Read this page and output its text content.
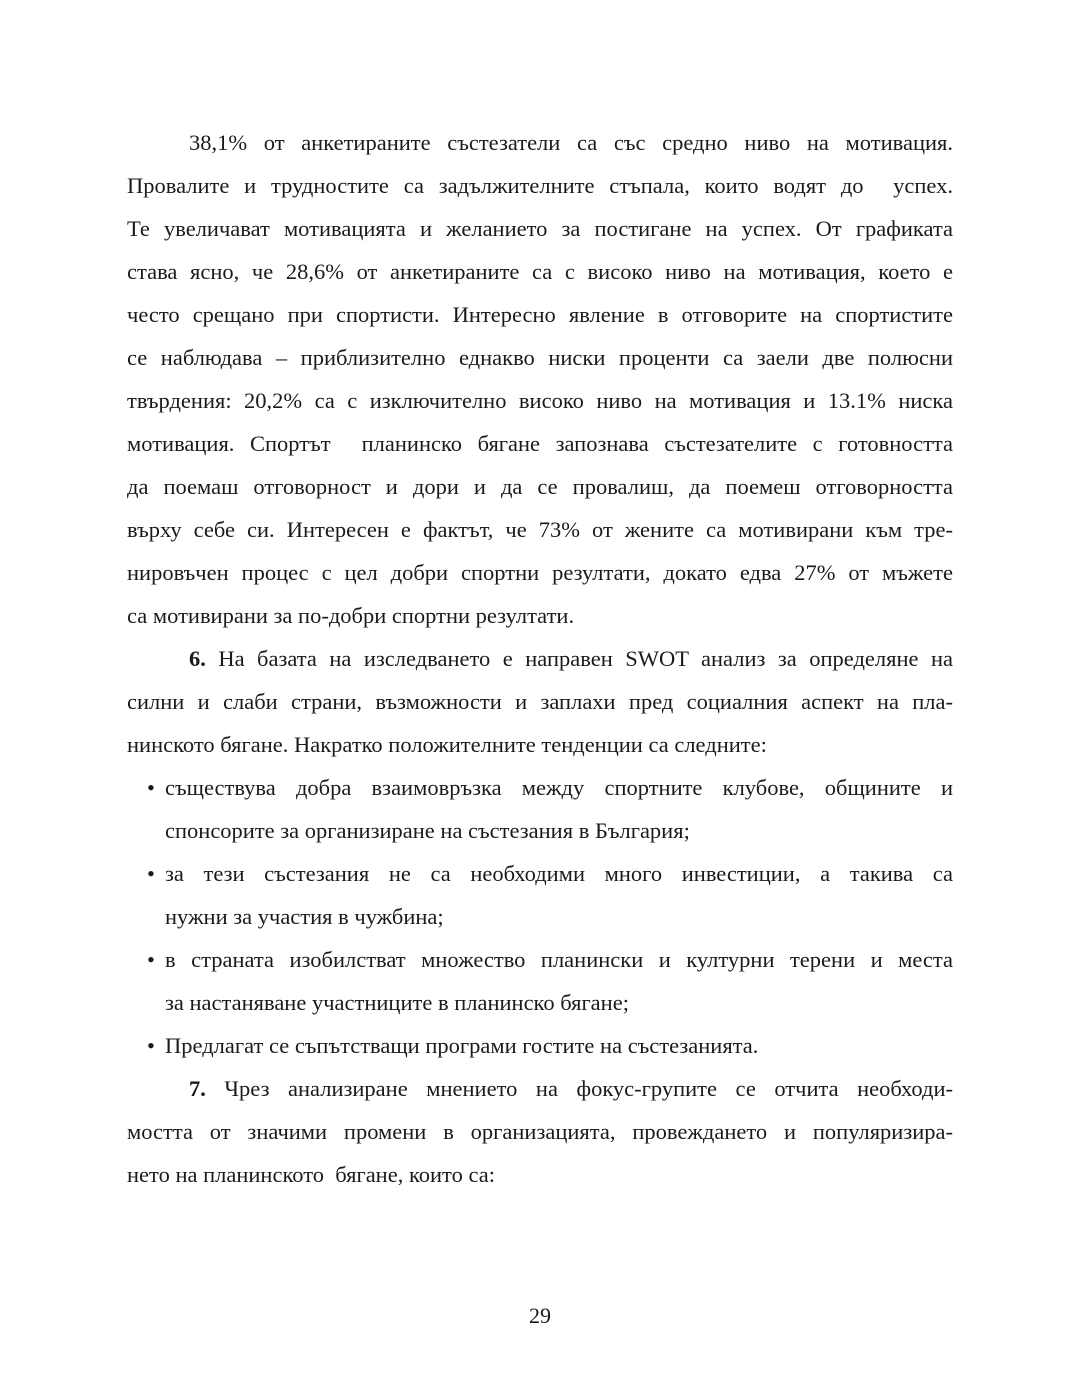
38,1% от анкетираните състезатели са със средно ниво на мотивация.
Провалите и трудностите са задължителните стъпала, които водят до  успех.
Те увеличават мотивацията и желанието за постигане на успех. От графиката
става ясно, че 28,6% от анкетираните са с високо ниво на мотивация, което е
често срещано при спортисти. Интересно явление в отговорите на спортистите
се наблюдава – приблизително еднакво ниски проценти са заели две полюсни
твърдения: 20,2% са с изключително високо ниво на мотивация и 13.1% ниска
мотивация. Спортът  планинско бягане запознава състезателите с готовността
да поемаш отговорност и дори и да се провалиш, да поемеш отговорността
върху себе си. Интересен е фактът, че 73% от жените са мотивирани към тре-
нировъчен процес с цел добри спортни резултати, докато едва 27% от мъжете
са мотивирани за по-добри спортни резултати.
6. На базата на изследването е направен SWOT анализ за определяне на
силни и слаби страни, възможности и заплахи пред социалния аспект на пла-
нинското бягане. Накратко положителните тенденции са следните:
• съществува добра взаимовръзка между спортните клубове, общините и
спонсорите за организиране на състезания в България;
• за тези състезания не са необходими много инвестиции, а такива са
нужни за участия в чужбина;
• в страната изобилстват множество планински и културни терени и места
за настаняване участниците в планинско бягане;
• Предлагат се съпътстващи програми гостите на състезанията.
7. Чрез анализиране мнението на фокус-групите се отчита необходи-
мостта от значими промени в организацията, провеждането и популяризира-
нето на планинското  бягане, които са:
29
